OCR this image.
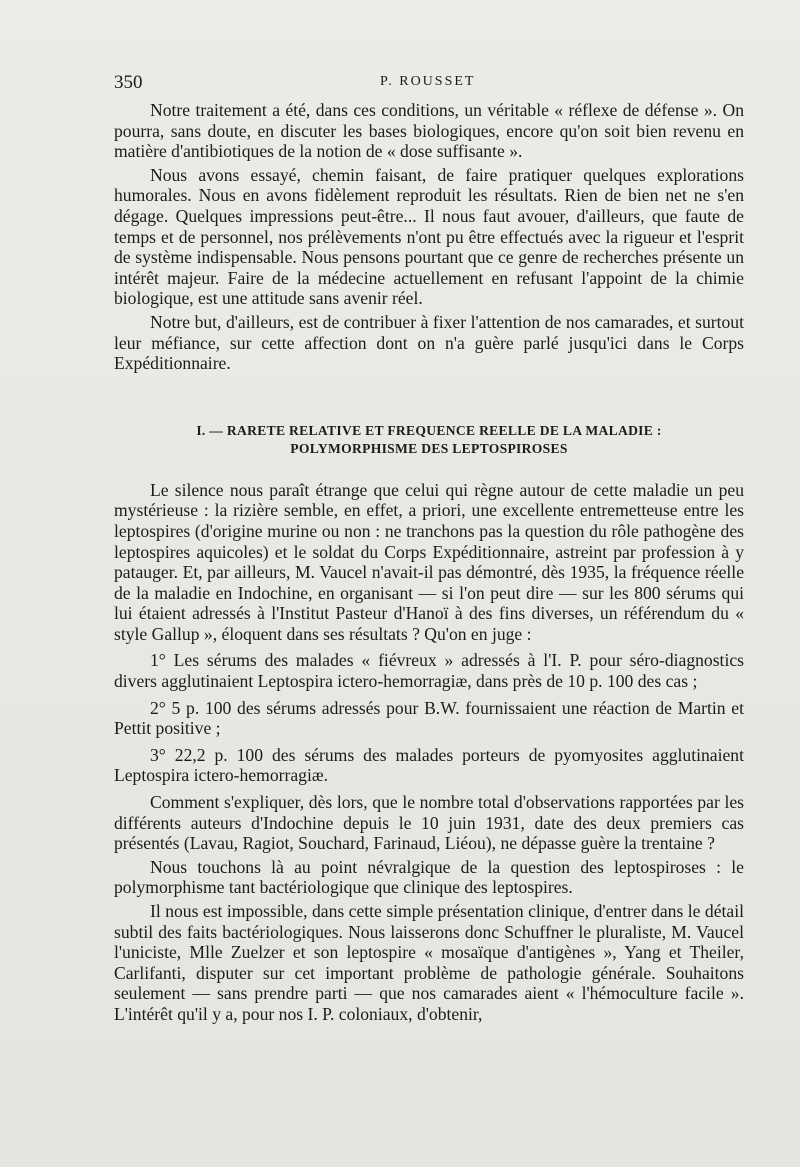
350	P. ROUSSET

Notre traitement a été, dans ces conditions, un véritable « réflexe de défense ». On pourra, sans doute, en discuter les bases biologiques, encore qu'on soit bien revenu en matière d'antibiotiques de la notion de « dose suffisante ».

Nous avons essayé, chemin faisant, de faire pratiquer quelques explorations humorales. Nous en avons fidèlement reproduit les résultats. Rien de bien net ne s'en dégage. Quelques impressions peut-être... Il nous faut avouer, d'ailleurs, que faute de temps et de personnel, nos prélèvements n'ont pu être effectués avec la rigueur et l'esprit de système indispensable. Nous pensons pourtant que ce genre de recherches présente un intérêt majeur. Faire de la médecine actuellement en refusant l'appoint de la chimie biologique, est une attitude sans avenir réel.

Notre but, d'ailleurs, est de contribuer à fixer l'attention de nos camarades, et surtout leur méfiance, sur cette affection dont on n'a guère parlé jusqu'ici dans le Corps Expéditionnaire.

I. — RARETE RELATIVE ET FREQUENCE REELLE DE LA MALADIE :
POLYMORPHISME DES LEPTOSPIROSES

Le silence nous paraît étrange que celui qui règne autour de cette maladie un peu mystérieuse : la rizière semble, en effet, a priori, une excellente entremetteuse entre les leptospires (d'origine murine ou non : ne tranchons pas la question du rôle pathogène des leptospires aquicoles) et le soldat du Corps Expéditionnaire, astreint par profession à y patauger. Et, par ailleurs, M. Vaucel n'avait-il pas démontré, dès 1935, la fréquence réelle de la maladie en Indochine, en organisant — si l'on peut dire — sur les 800 sérums qui lui étaient adressés à l'Institut Pasteur d'Hanoï à des fins diverses, un référendum du « style Gallup », éloquent dans ses résultats ? Qu'on en juge :

1° Les sérums des malades « fiévreux » adressés à l'I. P. pour séro-diagnostics divers agglutinaient Leptospira ictero-hemorragiæ, dans près de 10 p. 100 des cas ;

2° 5 p. 100 des sérums adressés pour B.W. fournissaient une réaction de Martin et Pettit positive ;

3° 22,2 p. 100 des sérums des malades porteurs de pyomyosites agglutinaient Leptospira ictero-hemorragiæ.

Comment s'expliquer, dès lors, que le nombre total d'observations rapportées par les différents auteurs d'Indochine depuis le 10 juin 1931, date des deux premiers cas présentés (Lavau, Ragiot, Souchard, Farinaud, Liéou), ne dépasse guère la trentaine ?

Nous touchons là au point névralgique de la question des leptospiroses : le polymorphisme tant bactériologique que clinique des leptospires.

Il nous est impossible, dans cette simple présentation clinique, d'entrer dans le détail subtil des faits bactériologiques. Nous laisserons donc Schuffner le pluraliste, M. Vaucel l'uniciste, Mlle Zuelzer et son leptospire « mosaïque d'antigènes », Yang et Theiler, Carlifanti, disputer sur cet important problème de pathologie générale. Souhaitons seulement — sans prendre parti — que nos camarades aient « l'hémoculture facile ». L'intérêt qu'il y a, pour nos I. P. coloniaux, d'obtenir,
